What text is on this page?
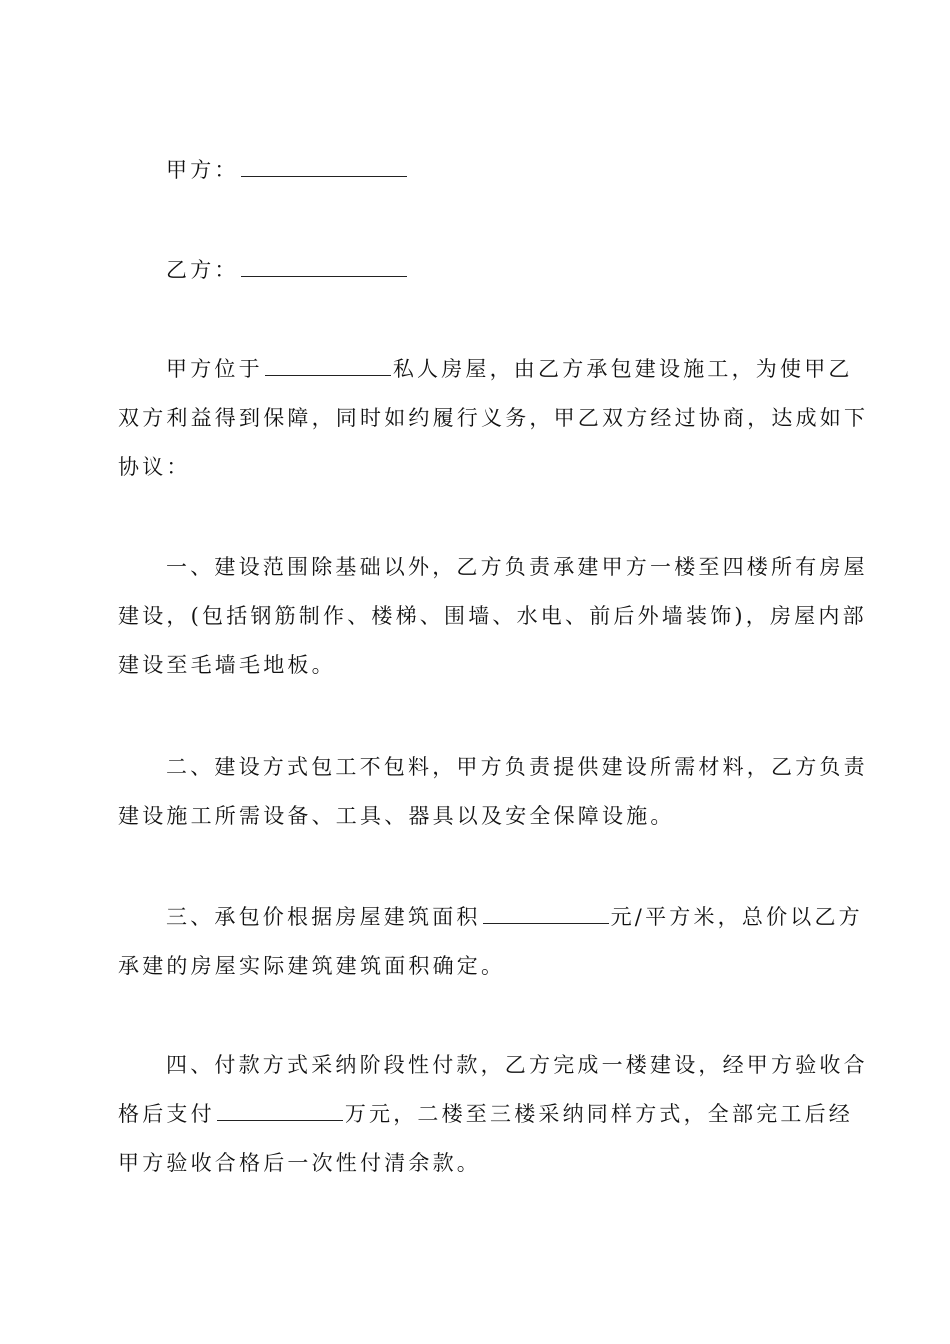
甲方：
乙方：
甲方位于	私人房屋，由乙方承包建设施工，为使甲乙
双方利益得到保障，同时如约履行义务，甲乙双方经过协商，达成如下
协议：
一、建设范围除基础以外，乙方负责承建甲方一楼至四楼所有房屋
建设，(包括钢筋制作、楼梯、围墙、水电、前后外墙装饰)，房屋内部
建设至毛墙毛地板。
二、建设方式包工不包料，甲方负责提供建设所需材料，乙方负责
建设施工所需设备、工具、器具以及安全保障设施。
三、承包价根据房屋建筑面积	元/平方米，总价以乙方
承建的房屋实际建筑建筑面积确定。
四、付款方式采纳阶段性付款，乙方完成一楼建设，经甲方验收合
格后支付	万元，二楼至三楼采纳同样方式，全部完工后经
甲方验收合格后一次性付清余款。
